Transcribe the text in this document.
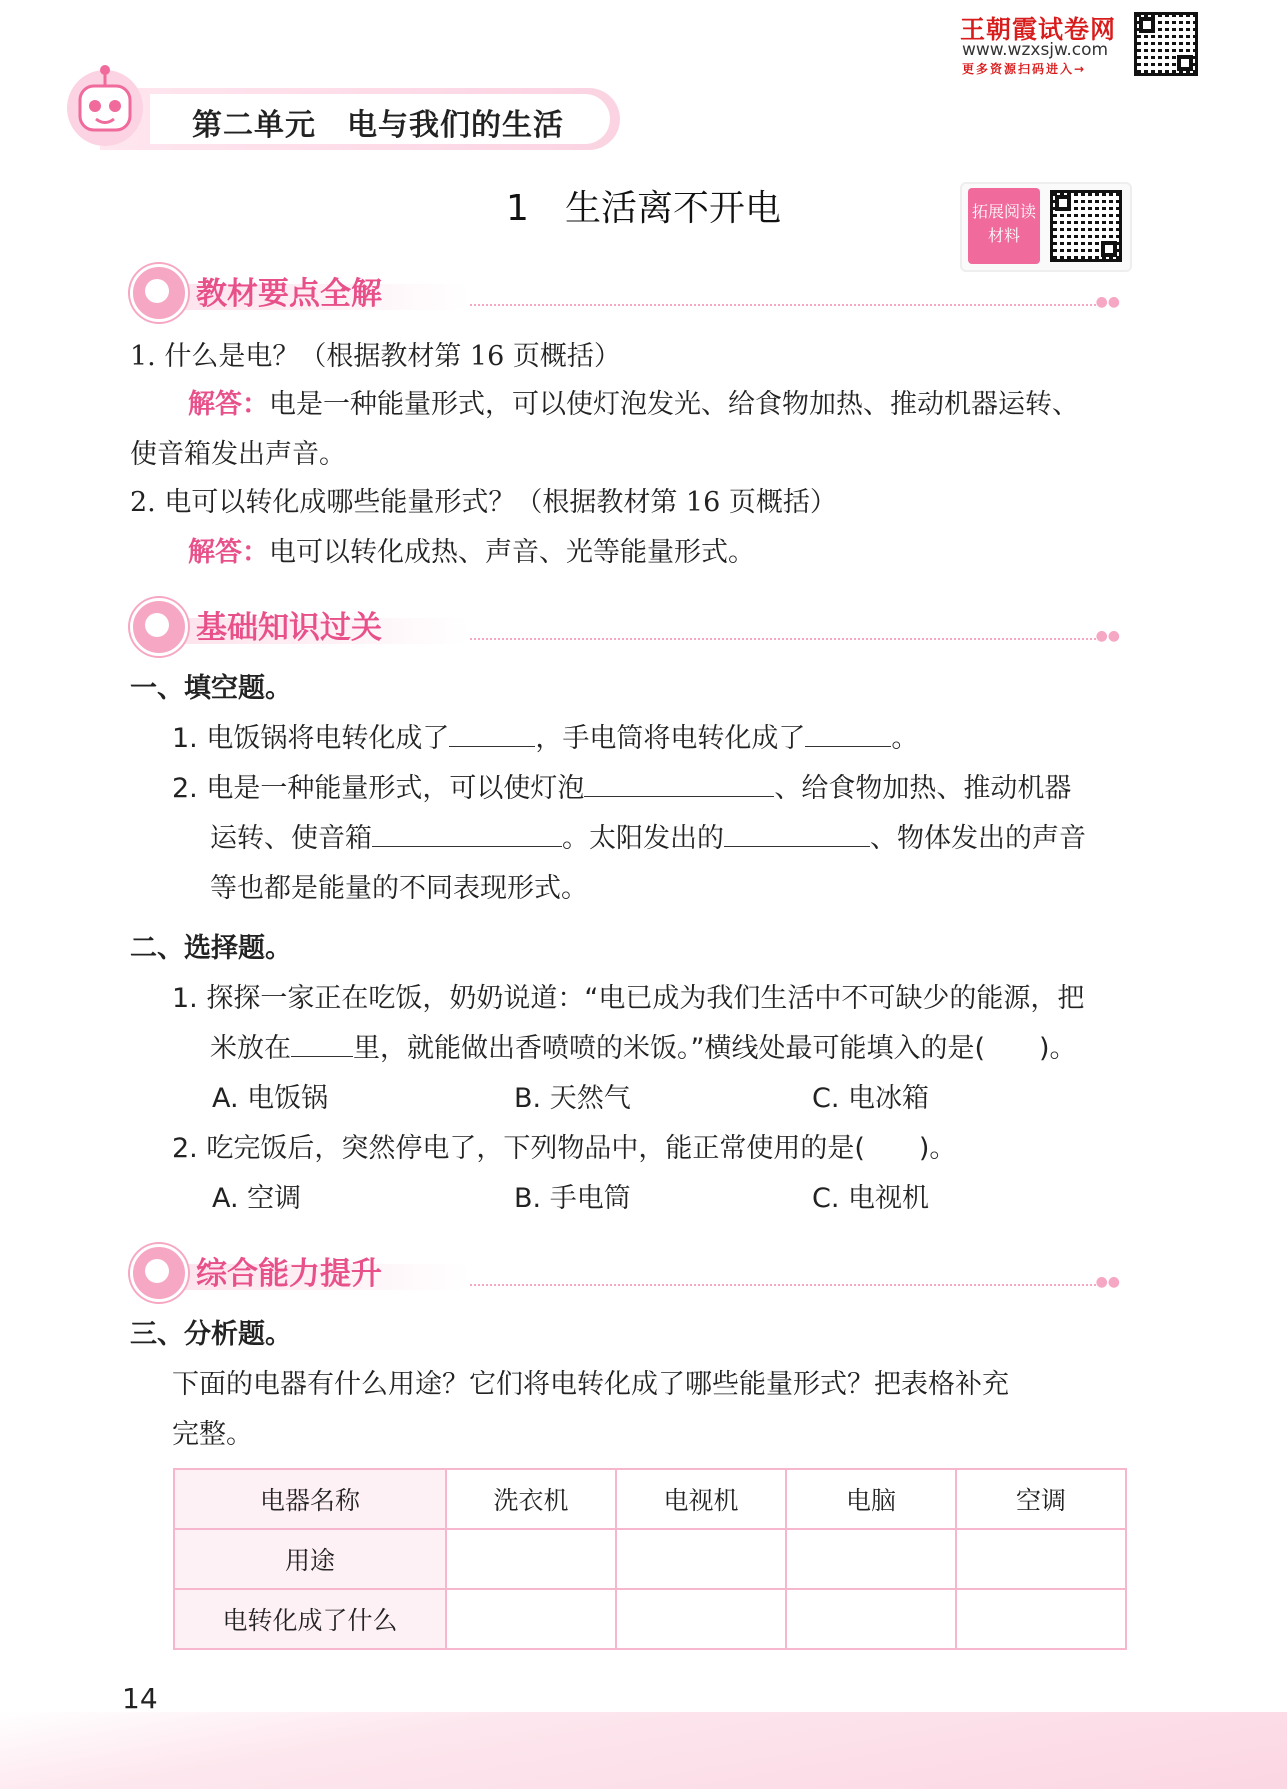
王朝霞试卷网
www.wzxsjw.com
更多资源扫码进入→
第二单元　电与我们的生活
1　生活离不开电	拓展阅读材料
教材要点全解	●●
1. 什么是电？（根据教材第 16 页概括）
解答：电是一种能量形式，可以使灯泡发光、给食物加热、推动机器运转、
使音箱发出声音。
2. 电可以转化成哪些能量形式？（根据教材第 16 页概括）
解答：电可以转化成热、声音、光等能量形式。
基础知识过关	●●
一、填空题。
1. 电饭锅将电转化成了	，手电筒将电转化成了	。
2. 电是一种能量形式，可以使灯泡	、给食物加热、推动机器
运转、使音箱	。太阳发出的	、物体发出的声音
等也都是能量的不同表现形式。
二、选择题。
1. 探探一家正在吃饭，奶奶说道：“电已成为我们生活中不可缺少的能源，把
米放在 里，就能做出香喷喷的米饭。”横线处最可能填入的是(　　)。
A. 电饭锅	B. 天然气	C. 电冰箱
2. 吃完饭后，突然停电了，下列物品中，能正常使用的是(　　)。
A. 空调	B. 手电筒	C. 电视机
综合能力提升	●●
三、分析题。
下面的电器有什么用途？它们将电转化成了哪些能量形式？把表格补充
完整。
电器名称	洗衣机	电视机	电脑	空调
用途				
电转化成了什么				
14
